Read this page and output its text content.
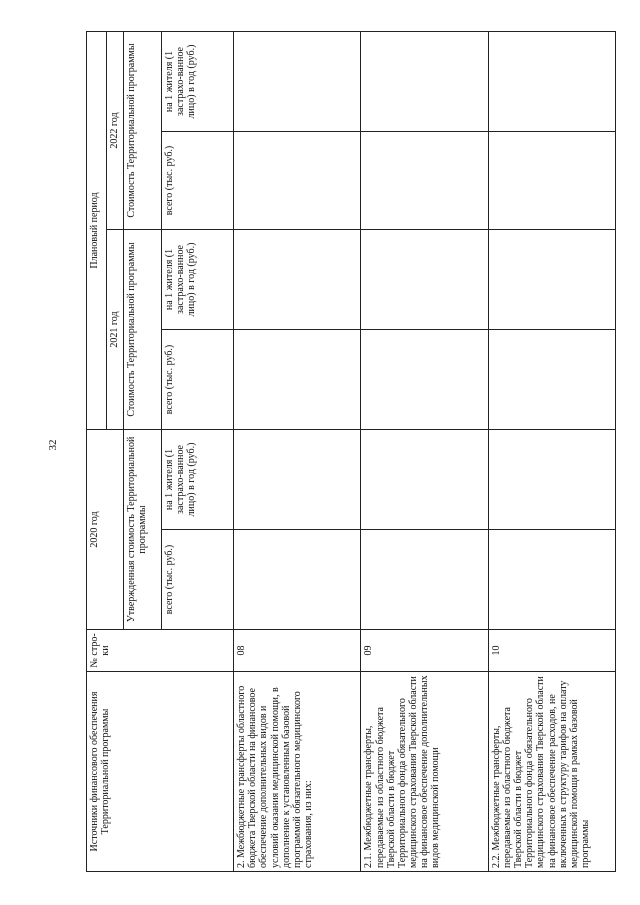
32
Источники финансового обеспечения Территориальной программы	№ стро-ки	2020 год		Плановый период			
				2021 год		2022 год	
		Утвержденная стоимость Территориальной программы		Стоимость Территориальной программы		Стоимость Территориальной программы	
		всего (тыс. руб.)	на 1 жителя (1 застрахо-ванное лицо) в год (руб.)	всего (тыс. руб.)	на 1 жителя (1 застрахо-ванное лицо) в год (руб.)	всего (тыс. руб.)	на 1 жителя (1 застрахо-ванное лицо) в год (руб.)
2. Межбюджетные трансферты областного бюджета Тверской области на финансовое обеспечение дополнительных видов и условий оказания медицинской помощи, в дополнение к установленным базовой программой обязательного медицинского страхования, из них:	08						
2.1. Межбюджетные трансферты, передаваемые из областного бюджета Тверской области в бюджет Территориального фонда обязательного медицинского страхования Тверской области на финансовое обеспечение дополнительных видов медицинской помощи	09						
2.2. Межбюджетные трансферты, передаваемые из областного бюджета Тверской области в бюджет Территориального фонда обязательного медицинского страхования Тверской области на финансовое обеспечение расходов, не включенных в структуру тарифов на оплату медицинской помощи в рамках базовой программы	10						
